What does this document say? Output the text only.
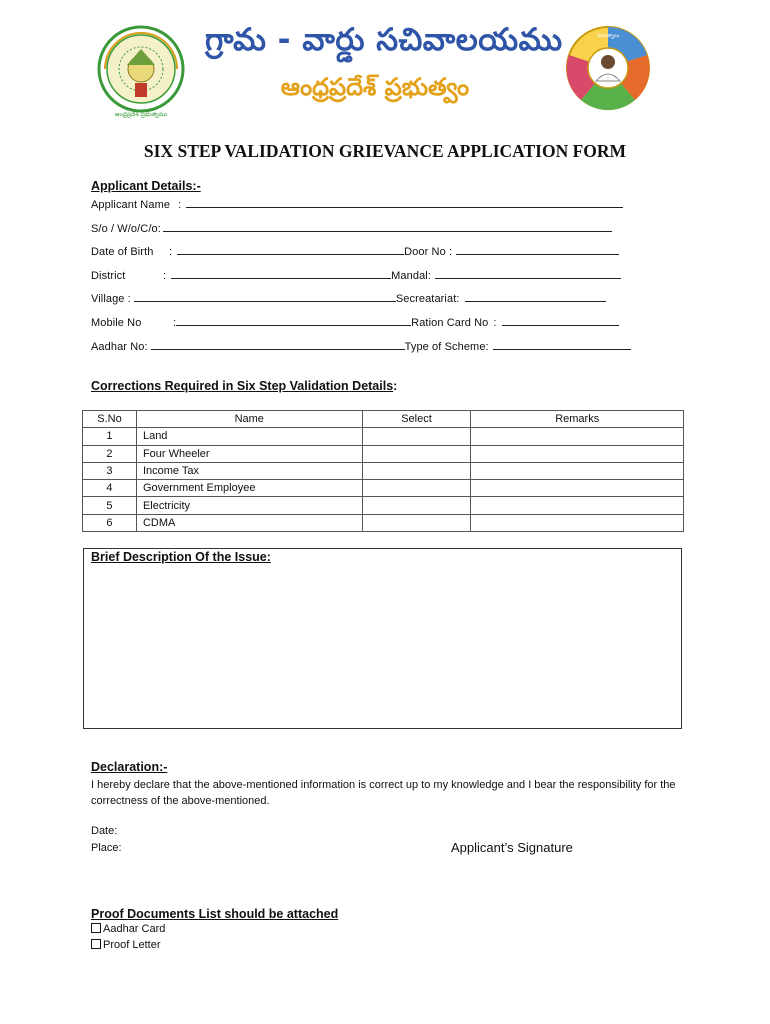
ఆంధ్రప్రదేశ్ ప్రభుత్వము
గ్రామ - వార్డు సచివాలయము
ఆంధ్రప్రదేశ్ ప్రభుత్వం
నవరత్నాలు
SIX STEP VALIDATION GRIEVANCE APPLICATION FORM
Applicant Details:-
Applicant Name :
S/o / W/o/C/o:
Date of Birth :	Door No :
District	:	Mandal:
Village :	Secreatariat:
Mobile No	:	Ration Card No :
Aadhar No:	Type of Scheme:
Corrections Required in Six Step Validation Details:
S.No	Name	Select	Remarks
1	Land		
2	Four Wheeler		
3	Income Tax		
4	Government Employee		
5	Electricity		
6	CDMA		
Brief Description Of the Issue:
Declaration:-
I hereby declare that the above-mentioned information is correct up to my knowledge and I bear the responsibility for the correctness of the above-mentioned.
Date:
Place:	Applicant’s Signature
Proof Documents List should be attached
Aadhar Card
Proof Letter
